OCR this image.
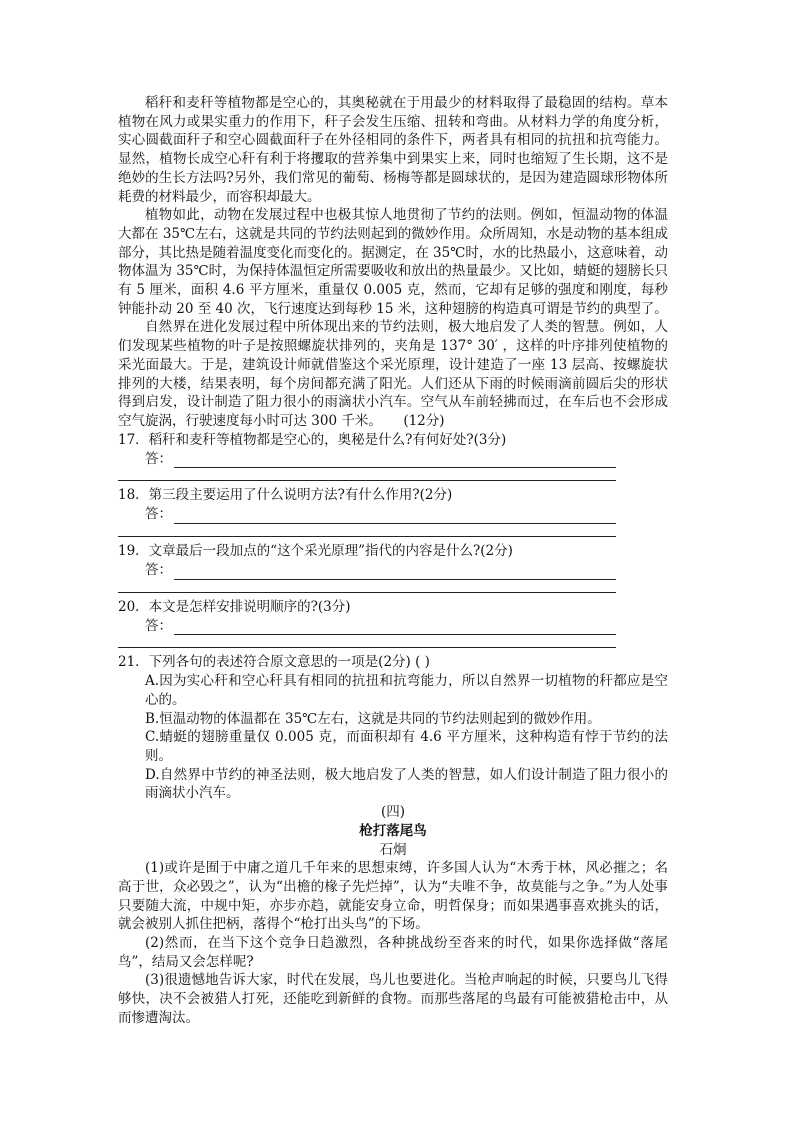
稻秆和麦秆等植物都是空心的，其奥秘就在于用最少的材料取得了最稳固的结构。草本植物在风力或果实重力的作用下，秆子会发生压缩、扭转和弯曲。从材料力学的角度分析，实心圆截面秆子和空心圆截面秆子在外径相同的条件下，两者具有相同的抗扭和抗弯能力。显然，植物长成空心秆有利于将攫取的营养集中到果实上来，同时也缩短了生长期，这不是绝妙的生长方法吗?另外，我们常见的葡萄、杨梅等都是圆球状的，是因为建造圆球形物体所耗费的材料最少，而容积却最大。

植物如此，动物在发展过程中也极其惊人地贯彻了节约的法则。例如，恒温动物的体温大都在 35℃左右，这就是共同的节约法则起到的微妙作用。众所周知，水是动物的基本组成部分，其比热是随着温度变化而变化的。据测定，在 35℃时，水的比热最小，这意味着，动物体温为 35℃时，为保持体温恒定所需要吸收和放出的热量最少。又比如，蜻蜓的翅膀长只有 5 厘米，面积 4.6 平方厘米，重量仅 0.005 克，然而，它却有足够的强度和刚度，每秒钟能扑动 20 至 40 次，飞行速度达到每秒 15 米，这种翅膀的构造真可谓是节约的典型了。

自然界在进化发展过程中所体现出来的节约法则，极大地启发了人类的智慧。例如，人们发现某些植物的叶子是按照螺旋状排列的，夹角是 137° 30′ ，这样的叶序排列使植物的采光面最大。于是，建筑设计师就借鉴这个采光原理，设计建造了一座 13 层高、按螺旋状排列的大楼，结果表明，每个房间都充满了阳光。人们还从下雨的时候雨滴前圆后尖的形状得到启发，设计制造了阻力很小的雨滴状小汽车。空气从车前轻拂而过，在车后也不会形成空气旋涡，行驶速度每小时可达 300 千米。 (12分)

17．稻秆和麦秆等植物都是空心的，奥秘是什么?有何好处?(3分)

答：

18．第三段主要运用了什么说明方法?有什么作用?(2分)

答：

19．文章最后一段加点的“这个采光原理”指代的内容是什么?(2分)

答：

20．本文是怎样安排说明顺序的?(3分)

答：

21．下列各句的表述符合原文意思的一项是(2分) ( )

A.因为实心秆和空心秆具有相同的抗扭和抗弯能力，所以自然界一切植物的秆都应是空心的。

B.恒温动物的体温都在 35℃左右，这就是共同的节约法则起到的微妙作用。

C.蜻蜓的翅膀重量仅 0.005 克，而面积却有 4.6 平方厘米，这种构造有悖于节约的法则。

D.自然界中节约的神圣法则，极大地启发了人类的智慧，如人们设计制造了阻力很小的雨滴状小汽车。

(四)

枪打落尾鸟

石炯

(1)或许是囿于中庸之道几千年来的思想束缚，许多国人认为“木秀于林，风必摧之；名高于世，众必毁之”，认为“出檐的椽子先烂掉”，认为“夫唯不争，故莫能与之争。”为人处事只要随大流，中规中矩，亦步亦趋，就能安身立命，明哲保身；而如果遇事喜欢挑头的话，就会被别人抓住把柄，落得个“枪打出头鸟”的下场。

(2)然而，在当下这个竞争日趋激烈，各种挑战纷至沓来的时代，如果你选择做“落尾鸟”，结局又会怎样呢?

(3)很遗憾地告诉大家，时代在发展，鸟儿也要进化。当枪声响起的时候，只要鸟儿飞得够快，决不会被猎人打死，还能吃到新鲜的食物。而那些落尾的鸟最有可能被猎枪击中，从而惨遭淘汰。
